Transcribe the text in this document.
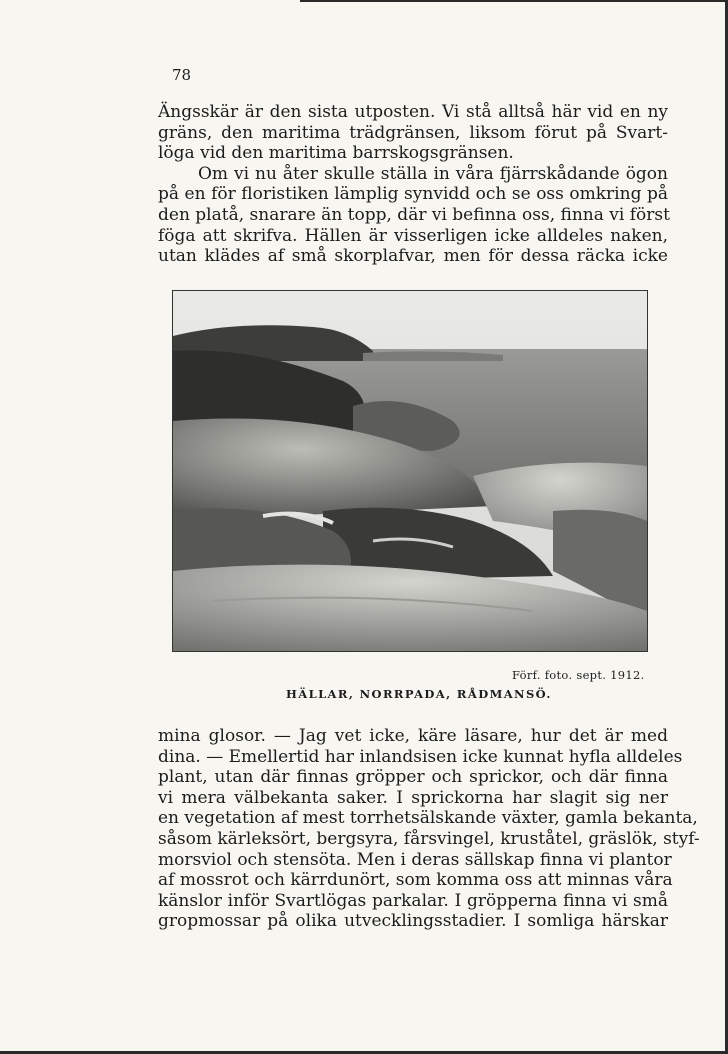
78
Ängsskär är den sista utposten. Vi stå alltså här vid en ny
gräns, den maritima trädgränsen, liksom förut på Svart-
löga vid den maritima barrskogsgränsen.
Om vi nu åter skulle ställa in våra fjärrskådande ögon
på en för floristiken lämplig synvidd och se oss omkring på
den platå, snarare än topp, där vi befinna oss, finna vi först
föga att skrifva. Hällen är visserligen icke alldeles naken,
utan klädes af små skorplafvar, men för dessa räcka icke
Förf. foto. sept. 1912.
HÄLLAR, NORRPADA, RÅDMANSÖ.
mina glosor. — Jag vet icke, käre läsare, hur det är med
dina. — Emellertid har inlandsisen icke kunnat hyfla alldeles
plant, utan där finnas gröpper och sprickor, och där finna
vi mera välbekanta saker. I sprickorna har slagit sig ner
en vegetation af mest torrhetsälskande växter, gamla bekanta,
såsom kärleksört, bergsyra, fårsvingel, kruståtel, gräslök, styf-
morsviol och stensöta. Men i deras sällskap finna vi plantor
af mossrot och kärrdunört, som komma oss att minnas våra
känslor inför Svartlögas parkalar. I gröpperna finna vi små
gropmossar på olika utvecklingsstadier. I somliga härskar
